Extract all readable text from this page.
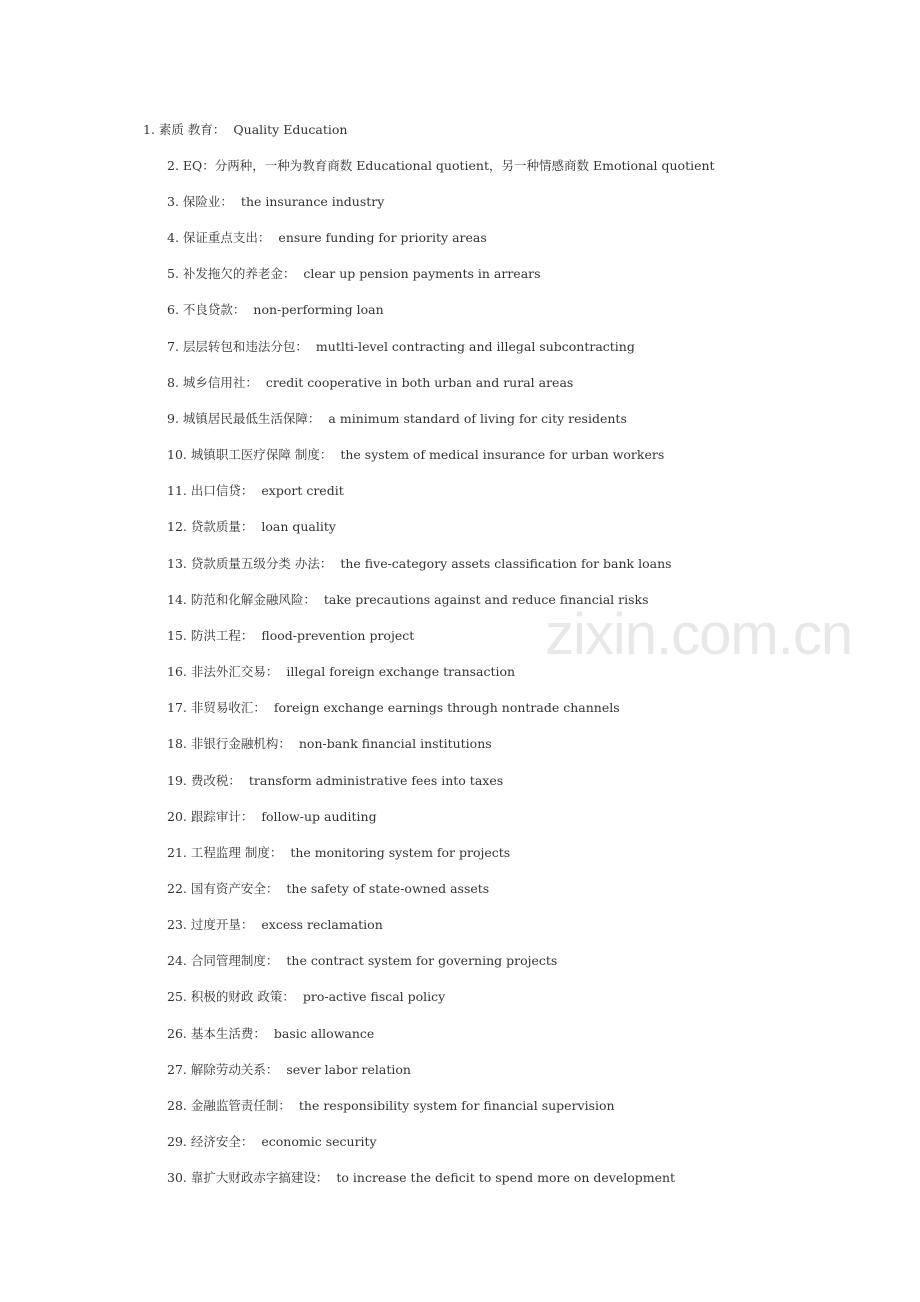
zixin.com.cn
1. 素质 教育： Quality Education
2. EQ：分两种，一种为教育商数 Educational quotient，另一种情感商数 Emotional quotient
3. 保险业： the insurance industry
4. 保证重点支出： ensure funding for priority areas
5. 补发拖欠的养老金： clear up pension payments in arrears
6. 不良贷款： non-performing loan
7. 层层转包和违法分包： mutlti-level contracting and illegal subcontracting
8. 城乡信用社： credit cooperative in both urban and rural areas
9. 城镇居民最低生活保障： a minimum standard of living for city residents
10. 城镇职工医疗保障 制度： the system of medical insurance for urban workers
11. 出口信贷： export credit
12. 贷款质量： loan quality
13. 贷款质量五级分类 办法： the five-category assets classification for bank loans
14. 防范和化解金融风险： take precautions against and reduce financial risks
15. 防洪工程： flood-prevention project
16. 非法外汇交易： illegal foreign exchange transaction
17. 非贸易收汇： foreign exchange earnings through nontrade channels
18. 非银行金融机构： non-bank financial institutions
19. 费改税： transform administrative fees into taxes
20. 跟踪审计： follow-up auditing
21. 工程监理 制度： the monitoring system for projects
22. 国有资产安全： the safety of state-owned assets
23. 过度开垦： excess reclamation
24. 合同管理制度： the contract system for governing projects
25. 积极的财政 政策： pro-active fiscal policy
26. 基本生活费： basic allowance
27. 解除劳动关系： sever labor relation
28. 金融监管责任制： the responsibility system for financial supervision
29. 经济安全： economic security
30. 靠扩大财政赤字搞建设： to increase the deficit to spend more on development
